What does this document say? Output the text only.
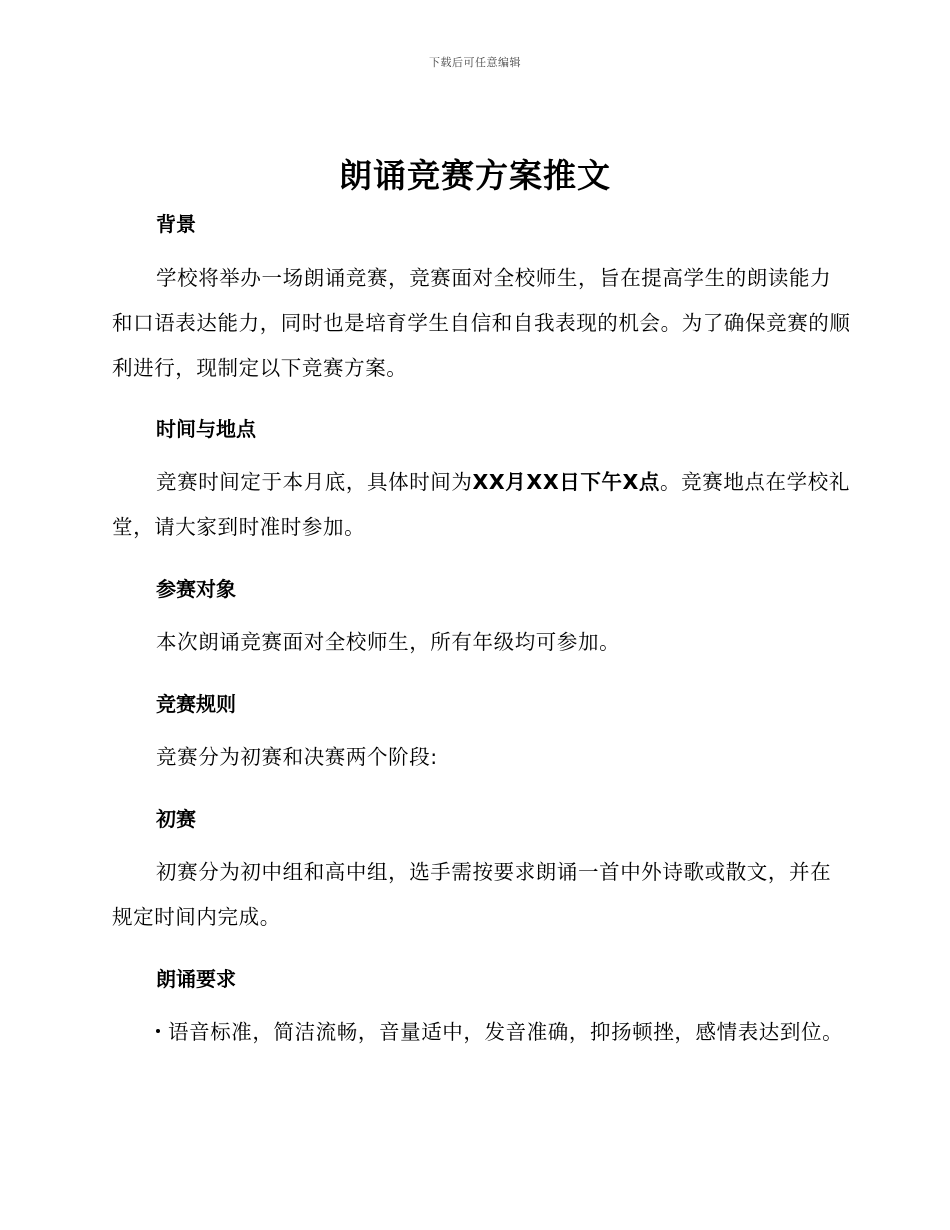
下载后可任意编辑
朗诵竞赛方案推文
背景
学校将举办一场朗诵竞赛，竞赛面对全校师生，旨在提高学生的朗读能力和口语表达能力，同时也是培育学生自信和自我表现的机会。为了确保竞赛的顺利进行，现制定以下竞赛方案。
时间与地点
竞赛时间定于本月底，具体时间为XX月XX日下午X点。竞赛地点在学校礼堂，请大家到时准时参加。
参赛对象
本次朗诵竞赛面对全校师生，所有年级均可参加。
竞赛规则
竞赛分为初赛和决赛两个阶段:
初赛
初赛分为初中组和高中组，选手需按要求朗诵一首中外诗歌或散文，并在规定时间内完成。
朗诵要求
语音标准，简洁流畅，音量适中，发音准确，抑扬顿挫，感情表达到位。
